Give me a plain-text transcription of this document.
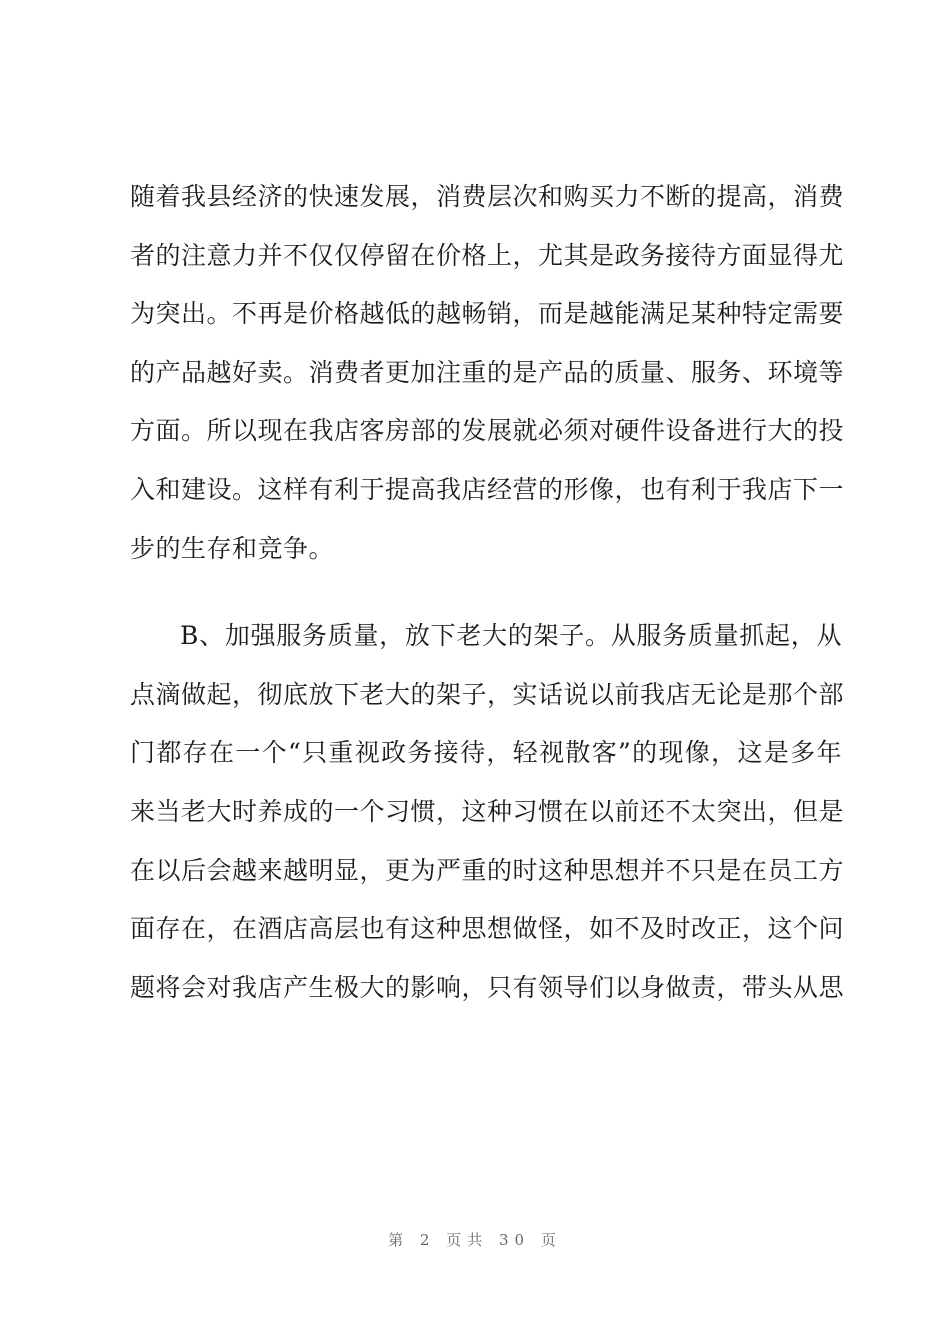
随着我县经济的快速发展，消费层次和购买力不断的提高，消费
者的注意力并不仅仅停留在价格上，尤其是政务接待方面显得尤
为突出。不再是价格越低的越畅销，而是越能满足某种特定需要
的产品越好卖。消费者更加注重的是产品的质量、服务、环境等
方面。所以现在我店客房部的发展就必须对硬件设备进行大的投
入和建设。这样有利于提高我店经营的形像，也有利于我店下一
步的生存和竞争。
B、加强服务质量，放下老大的架子。从服务质量抓起，从
点滴做起，彻底放下老大的架子，实话说以前我店无论是那个部
门都存在一个“只重视政务接待，轻视散客”的现像，这是多年
来当老大时养成的一个习惯，这种习惯在以前还不太突出，但是
在以后会越来越明显，更为严重的时这种思想并不只是在员工方
面存在，在酒店高层也有这种思想做怪，如不及时改正，这个问
题将会对我店产生极大的影响，只有领导们以身做责，带头从思
第 2 页共 30 页
